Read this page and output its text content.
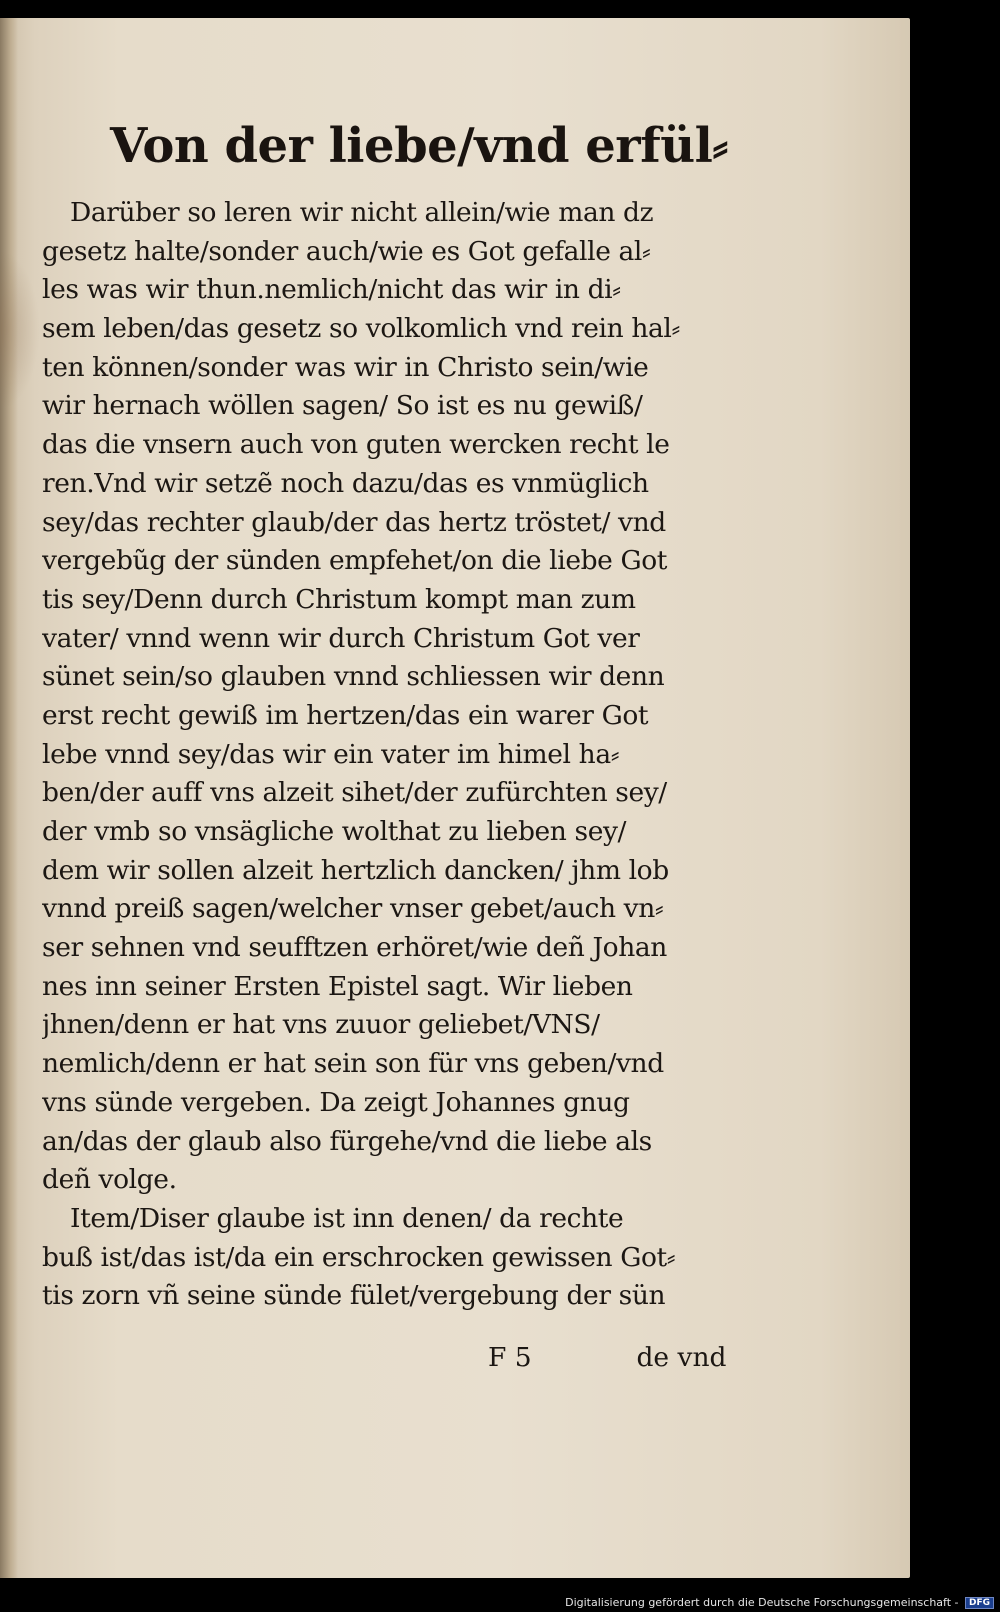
Von der liebe/vnd erfül⸗
Darüber so leren wir nicht allein/wie man dz
gesetz halte/sonder auch/wie es Got gefalle al⸗
les was wir thun.nemlich/nicht das wir in di⸗
sem leben/das gesetz so volkomlich vnd rein hal⸗
ten können/sonder was wir in Christo sein/wie
wir hernach wöllen sagen/ So ist es nu gewiß/
das die vnsern auch von guten wercken recht le
ren.Vnd wir setzẽ noch dazu/das es vnmüglich
sey/das rechter glaub/der das hertz tröstet/ vnd
vergebũg der sünden empfehet/on die liebe Got
tis sey/Denn durch Christum kompt man zum
vater/ vnnd wenn wir durch Christum Got ver
sünet sein/so glauben vnnd schliessen wir denn
erst recht gewiß im hertzen/das ein warer Got
lebe vnnd sey/das wir ein vater im himel ha⸗
ben/der auff vns alzeit sihet/der zufürchten sey/
der vmb so vnsägliche wolthat zu lieben sey/
dem wir sollen alzeit hertzlich dancken/ jhm lob
vnnd preiß sagen/welcher vnser gebet/auch vn⸗
ser sehnen vnd seufftzen erhöret/wie deñ Johan
nes inn seiner Ersten Epistel sagt. Wir lieben
jhnen/denn er hat vns zuuor geliebet/VNS/
nemlich/denn er hat sein son für vns geben/vnd
vns sünde vergeben. Da zeigt Johannes gnug
an/das der glaub also fürgehe/vnd die liebe als
deñ volge.
Item/Diser glaube ist inn denen/ da rechte
buß ist/das ist/da ein erschrocken gewissen Got⸗
tis zorn vñ seine sünde fület/vergebung der sün
F 5	de vnd
Digitalisierung gefördert durch die Deutsche Forschungsgemeinschaft - DFG
